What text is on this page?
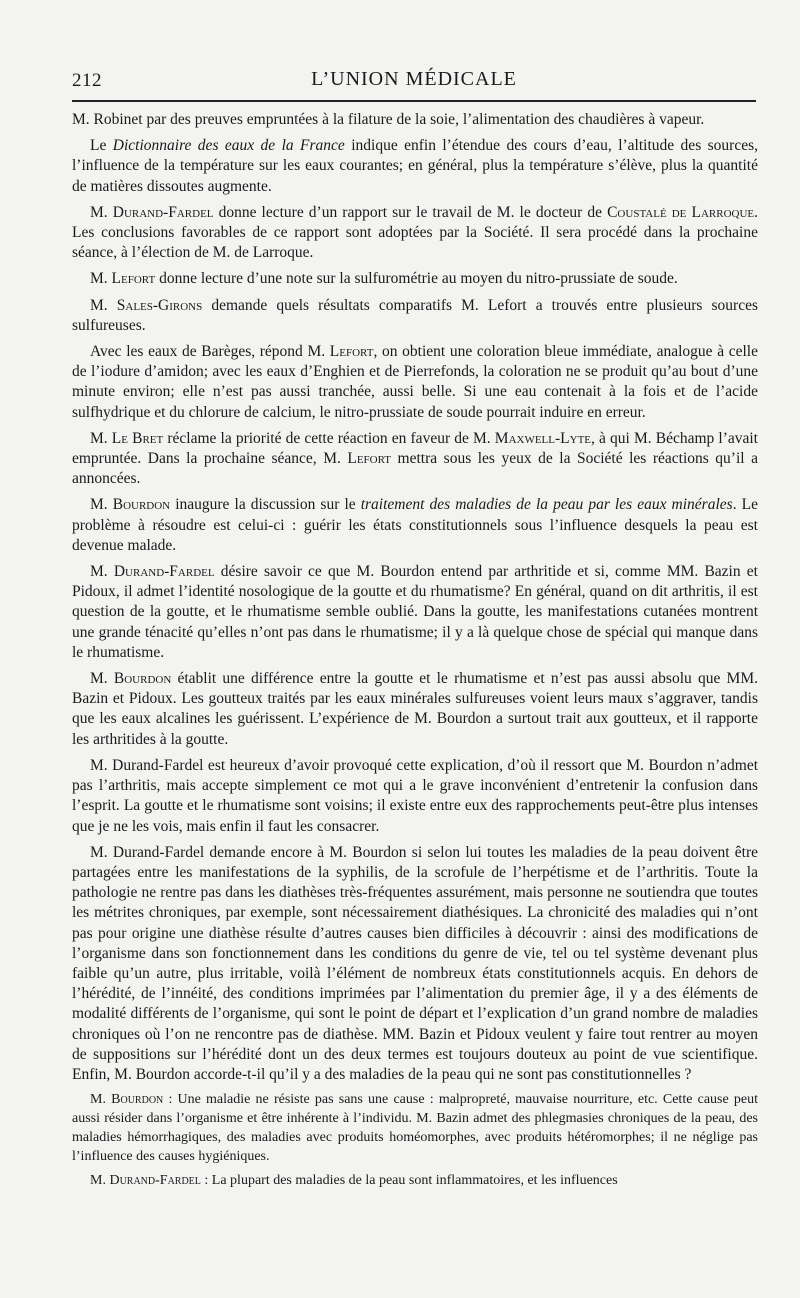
212	L’UNION MÉDICALE

M. Robinet par des preuves empruntées à la filature de la soie, l’alimentation des chaudières à vapeur.

Le Dictionnaire des eaux de la France indique enfin l’étendue des cours d’eau, l’altitude des sources, l’influence de la température sur les eaux courantes; en général, plus la température s’élève, plus la quantité de matières dissoutes augmente.

M. Durand-Fardel donne lecture d’un rapport sur le travail de M. le docteur de Coustalé de Larroque. Les conclusions favorables de ce rapport sont adoptées par la Société. Il sera procédé dans la prochaine séance, à l’élection de M. de Larroque.

M. Lefort donne lecture d’une note sur la sulfurométrie au moyen du nitro-prussiate de soude.

M. Sales-Girons demande quels résultats comparatifs M. Lefort a trouvés entre plusieurs sources sulfureuses.

Avec les eaux de Barèges, répond M. Lefort, on obtient une coloration bleue immédiate, analogue à celle de l’iodure d’amidon; avec les eaux d’Enghien et de Pierrefonds, la coloration ne se produit qu’au bout d’une minute environ; elle n’est pas aussi tranchée, aussi belle. Si une eau contenait à la fois et de l’acide sulfhydrique et du chlorure de calcium, le nitro-prussiate de soude pourrait induire en erreur.

M. Le Bret réclame la priorité de cette réaction en faveur de M. Maxwell-Lyte, à qui M. Béchamp l’avait empruntée. Dans la prochaine séance, M. Lefort mettra sous les yeux de la Société les réactions qu’il a annoncées.

M. Bourdon inaugure la discussion sur le traitement des maladies de la peau par les eaux minérales. Le problème à résoudre est celui-ci : guérir les états constitutionnels sous l’influence desquels la peau est devenue malade.

M. Durand-Fardel désire savoir ce que M. Bourdon entend par arthritide et si, comme MM. Bazin et Pidoux, il admet l’identité nosologique de la goutte et du rhumatisme? En général, quand on dit arthritis, il est question de la goutte, et le rhumatisme semble oublié. Dans la goutte, les manifestations cutanées montrent une grande ténacité qu’elles n’ont pas dans le rhumatisme; il y a là quelque chose de spécial qui manque dans le rhumatisme.

M. Bourdon établit une différence entre la goutte et le rhumatisme et n’est pas aussi absolu que MM. Bazin et Pidoux. Les goutteux traités par les eaux minérales sulfureuses voient leurs maux s’aggraver, tandis que les eaux alcalines les guérissent. L’expérience de M. Bourdon a surtout trait aux goutteux, et il rapporte les arthritides à la goutte.

M. Durand-Fardel est heureux d’avoir provoqué cette explication, d’où il ressort que M. Bourdon n’admet pas l’arthritis, mais accepte simplement ce mot qui a le grave inconvénient d’entretenir la confusion dans l’esprit. La goutte et le rhumatisme sont voisins; il existe entre eux des rapprochements peut-être plus intenses que je ne les vois, mais enfin il faut les consacrer.

M. Durand-Fardel demande encore à M. Bourdon si selon lui toutes les maladies de la peau doivent être partagées entre les manifestations de la syphilis, de la scrofule de l’herpétisme et de l’arthritis. Toute la pathologie ne rentre pas dans les diathèses très-fréquentes assurément, mais personne ne soutiendra que toutes les métrites chroniques, par exemple, sont nécessairement diathésiques. La chronicité des maladies qui n’ont pas pour origine une diathèse résulte d’autres causes bien difficiles à découvrir : ainsi des modifications de l’organisme dans son fonctionnement dans les conditions du genre de vie, tel ou tel système devenant plus faible qu’un autre, plus irritable, voilà l’élément de nombreux états constitutionnels acquis. En dehors de l’hérédité, de l’innéité, des conditions imprimées par l’alimentation du premier âge, il y a des éléments de modalité différents de l’organisme, qui sont le point de départ et l’explication d’un grand nombre de maladies chroniques où l’on ne rencontre pas de diathèse. MM. Bazin et Pidoux veulent y faire tout rentrer au moyen de suppositions sur l’hérédité dont un des deux termes est toujours douteux au point de vue scientifique. Enfin, M. Bourdon accorde-t-il qu’il y a des maladies de la peau qui ne sont pas constitutionnelles ?

M. Bourdon : Une maladie ne résiste pas sans une cause : malpropreté, mauvaise nourriture, etc. Cette cause peut aussi résider dans l’organisme et être inhérente à l’individu. M. Bazin admet des phlegmasies chroniques de la peau, des maladies hémorrhagiques, des maladies avec produits homéomorphes, avec produits hétéromorphes; il ne néglige pas l’influence des causes hygiéniques.

M. Durand-Fardel : La plupart des maladies de la peau sont inflammatoires, et les influences
